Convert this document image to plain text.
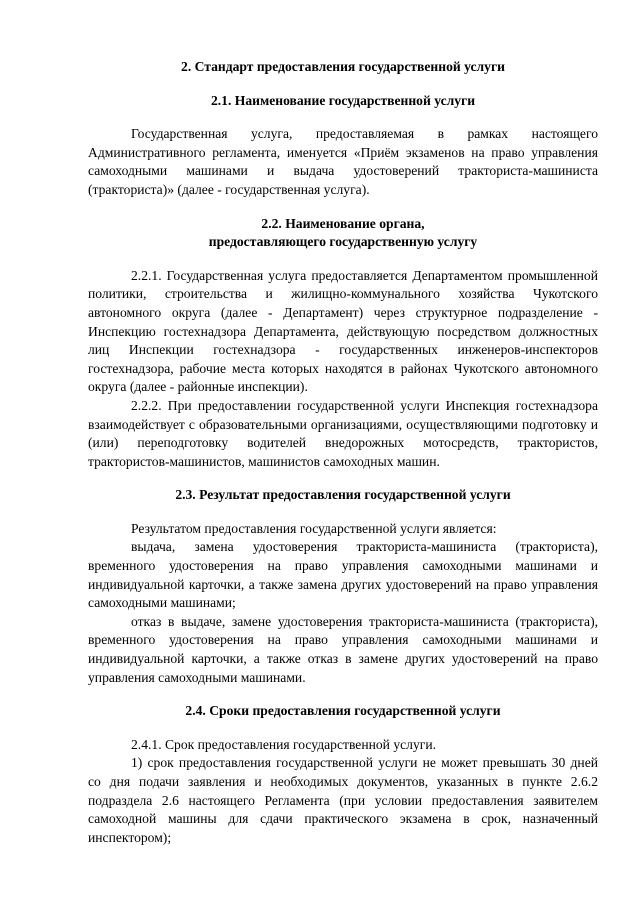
2. Стандарт предоставления государственной услуги
2.1. Наименование государственной услуги

Государственная услуга, предоставляемая в рамках настоящего Административного регламента, именуется «Приём экзаменов на право управления самоходными машинами и выдача удостоверений тракториста-машиниста (тракториста)» (далее - государственная услуга).

2.2. Наименование органа,
предоставляющего государственную услугу

2.2.1. Государственная услуга предоставляется Департаментом промышленной политики, строительства и жилищно-коммунального хозяйства Чукотского автономного округа (далее - Департамент) через структурное подразделение - Инспекцию гостехнадзора Департамента, действующую посредством должностных лиц Инспекции гостехнадзора - государственных инженеров-инспекторов гостехнадзора, рабочие места которых находятся в районах Чукотского автономного округа (далее - районные инспекции).

2.2.2. При предоставлении государственной услуги Инспекция гостехнадзора взаимодействует с образовательными организациями, осуществляющими подготовку и (или) переподготовку водителей внедорожных мотосредств, трактористов, трактористов-машинистов, машинистов самоходных машин.

2.3. Результат предоставления государственной услуги

Результатом предоставления государственной услуги является:

выдача, замена удостоверения тракториста-машиниста (тракториста), временного удостоверения на право управления самоходными машинами и индивидуальной карточки, а также замена других удостоверений на право управления самоходными машинами;

отказ в выдаче, замене удостоверения тракториста-машиниста (тракториста), временного удостоверения на право управления самоходными машинами и индивидуальной карточки, а также отказ в замене других удостоверений на право управления самоходными машинами.

2.4. Сроки предоставления государственной услуги

2.4.1. Срок предоставления государственной услуги.

1) срок предоставления государственной услуги не может превышать 30 дней со дня подачи заявления и необходимых документов, указанных в пункте 2.6.2 подраздела 2.6 настоящего Регламента (при условии предоставления заявителем самоходной машины для сдачи практического экзамена в срок, назначенный инспектором);
